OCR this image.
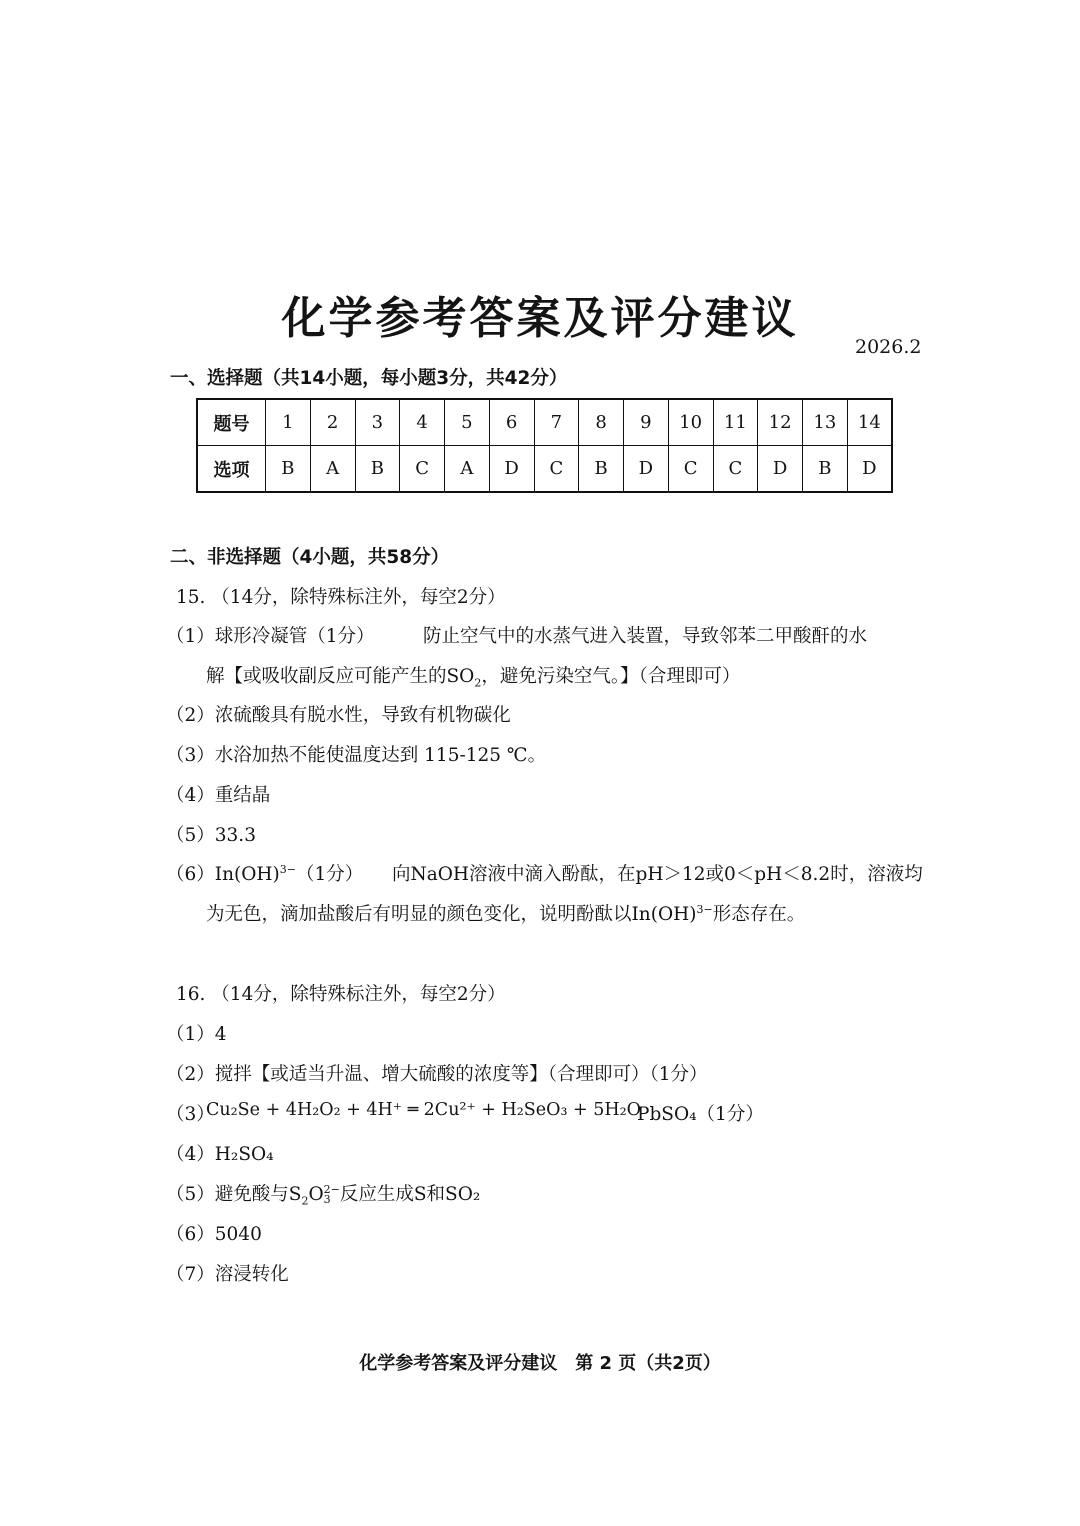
化学参考答案及评分建议
2026.2
一、选择题（共14小题，每小题3分，共42分）
题号	1	2	3	4	5	6	7	8	9	10	11	12	13	14
选项	B	A	B	C	A	D	C	B	D	C	C	D	B	D
二、非选择题（4小题，共58分）
15. （14分，除特殊标注外，每空2分）
（1）球形冷凝管（1分）	防止空气中的水蒸气进入装置，导致邻苯二甲酸酐的水
解【或吸收副反应可能产生的$SO_2$，避免污染空气。】（合理即可）
（2）浓硫酸具有脱水性，导致有机物碳化
（3）水浴加热不能使温度达到 115-125 ℃。
（4）重结晶
（5）33.3
（6）In(OH)$^{3-}$（1分） 向NaOH溶液中滴入酚酞，在pH＞12或0＜pH＜8.2时，溶液均
为无色，滴加盐酸后有明显的颜色变化，说明酚酞以In(OH)$^{3-}$形态存在。
16. （14分，除特殊标注外，每空2分）
（1）4
（2）搅拌【或适当升温、增大硫酸的浓度等】（合理即可）（1分）
（3）
Cu₂Se + 4H₂O₂ + 4H⁺ ═ 2Cu²⁺ + H₂SeO₃ + 5H₂O
PbSO₄（1分）
（4）H₂SO₄
（5）避免酸与$S_2O$ 2−
3 反应生成S和SO₂
（6）5040
（7）溶浸转化
化学参考答案及评分建议　第 2 页（共2页）
